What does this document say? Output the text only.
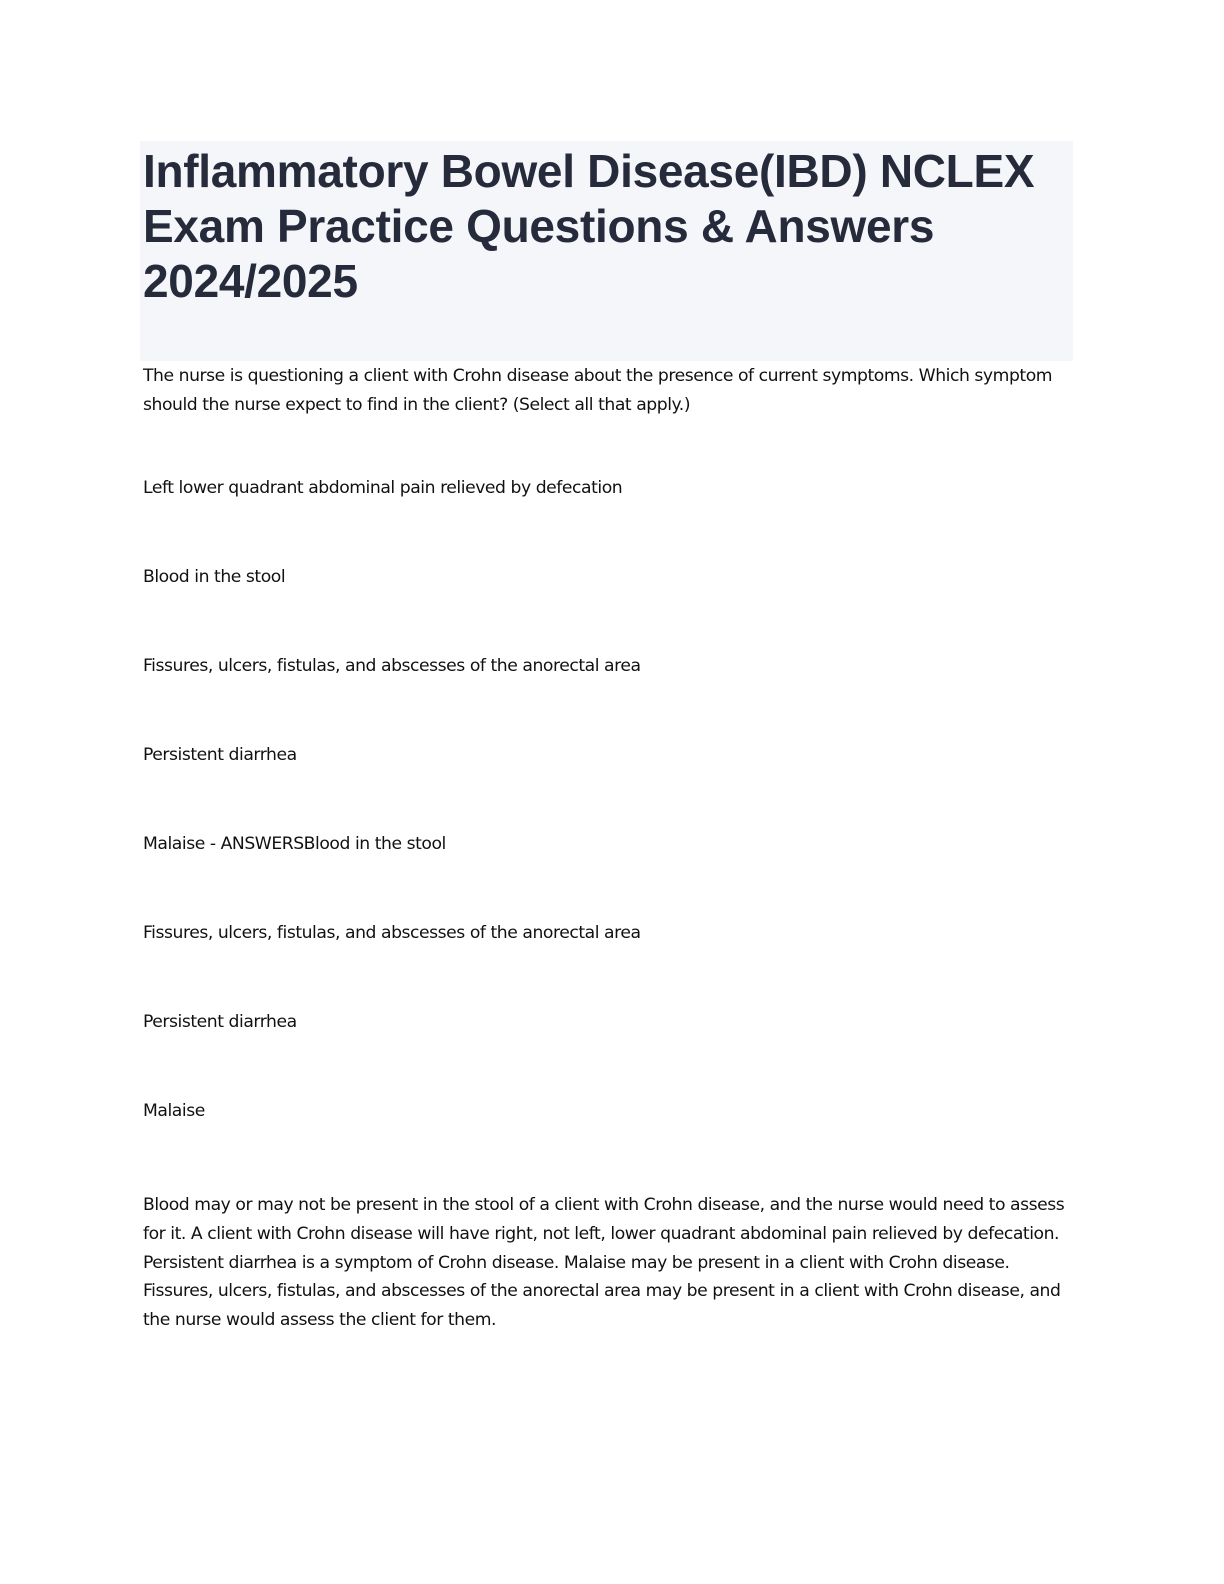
Inflammatory Bowel Disease(IBD) NCLEX Exam Practice Questions & Answers 2024/2025

The nurse is questioning a client with Crohn disease about the presence of current symptoms. Which symptom should the nurse expect to find in the client? (Select all that apply.)

Left lower quadrant abdominal pain relieved by defecation

Blood in the stool

Fissures, ulcers, fistulas, and abscesses of the anorectal area

Persistent diarrhea

Malaise - ANSWERSBlood in the stool

Fissures, ulcers, fistulas, and abscesses of the anorectal area

Persistent diarrhea

Malaise

Blood may or may not be present in the stool of a client with Crohn disease, and the nurse would need to assess for it. A client with Crohn disease will have right, not left, lower quadrant abdominal pain relieved by defecation. Persistent diarrhea is a symptom of Crohn disease. Malaise may be present in a client with Crohn disease. Fissures, ulcers, fistulas, and abscesses of the anorectal area may be present in a client with Crohn disease, and the nurse would assess the client for them.
